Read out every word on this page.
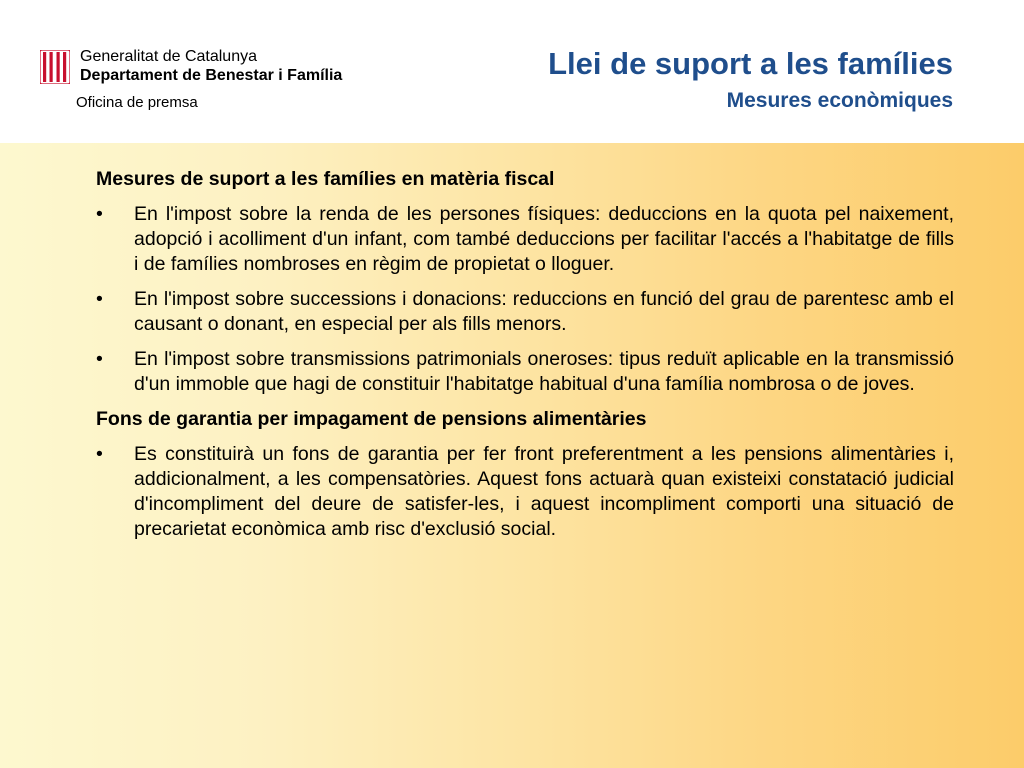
Generalitat de Catalunya
Departament de Benestar i Família
Oficina de premsa
Llei de suport a les famílies
Mesures econòmiques
Mesures de suport a les famílies en matèria fiscal
• En l'impost sobre la renda de les persones físiques: deduccions en la quota pel naixement, adopció i acolliment d'un infant, com també deduccions per facilitar l'accés a l'habitatge de fills i de famílies nombroses en règim de propietat o lloguer.
• En l'impost sobre successions i donacions: reduccions en funció del grau de parentesc amb el causant o donant, en especial per als fills menors.
• En l'impost sobre transmissions patrimonials oneroses: tipus reduït aplicable en la transmissió d'un immoble que hagi de constituir l'habitatge habitual d'una família nombrosa o de joves.
Fons de garantia per impagament de pensions alimentàries
• Es constituirà un fons de garantia per fer front preferentment a les pensions alimentàries i, addicionalment, a les compensatòries. Aquest fons actuarà quan existeixi constatació judicial d'incompliment del deure de satisfer-les, i aquest incompliment comporti una situació de precarietat econòmica amb risc d'exclusió social.
